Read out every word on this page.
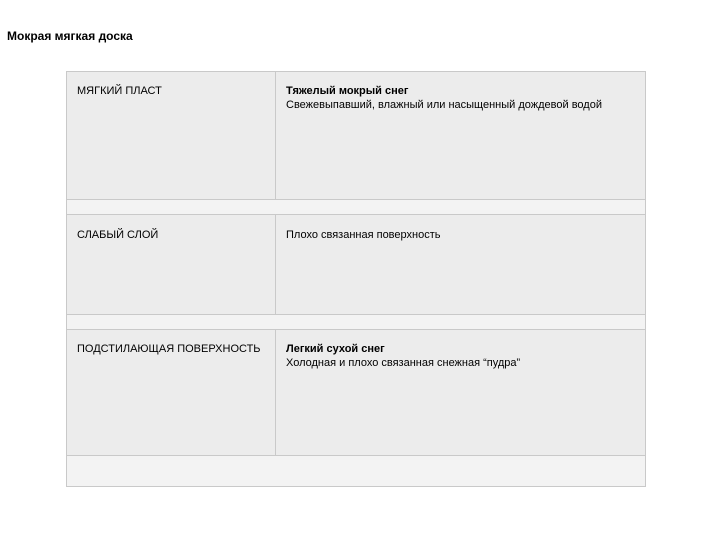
Мокрая мягкая доска
МЯГКИЙ ПЛАСТ	Тяжелый мокрый снег
Свежевыпавший, влажный или насыщенный дождевой водой
СЛАБЫЙ СЛОЙ	Плохо связанная поверхность
ПОДСТИЛАЮЩАЯ ПОВЕРХНОСТЬ	Легкий сухой снег
Холодная и плохо связанная снежная “пудра”
